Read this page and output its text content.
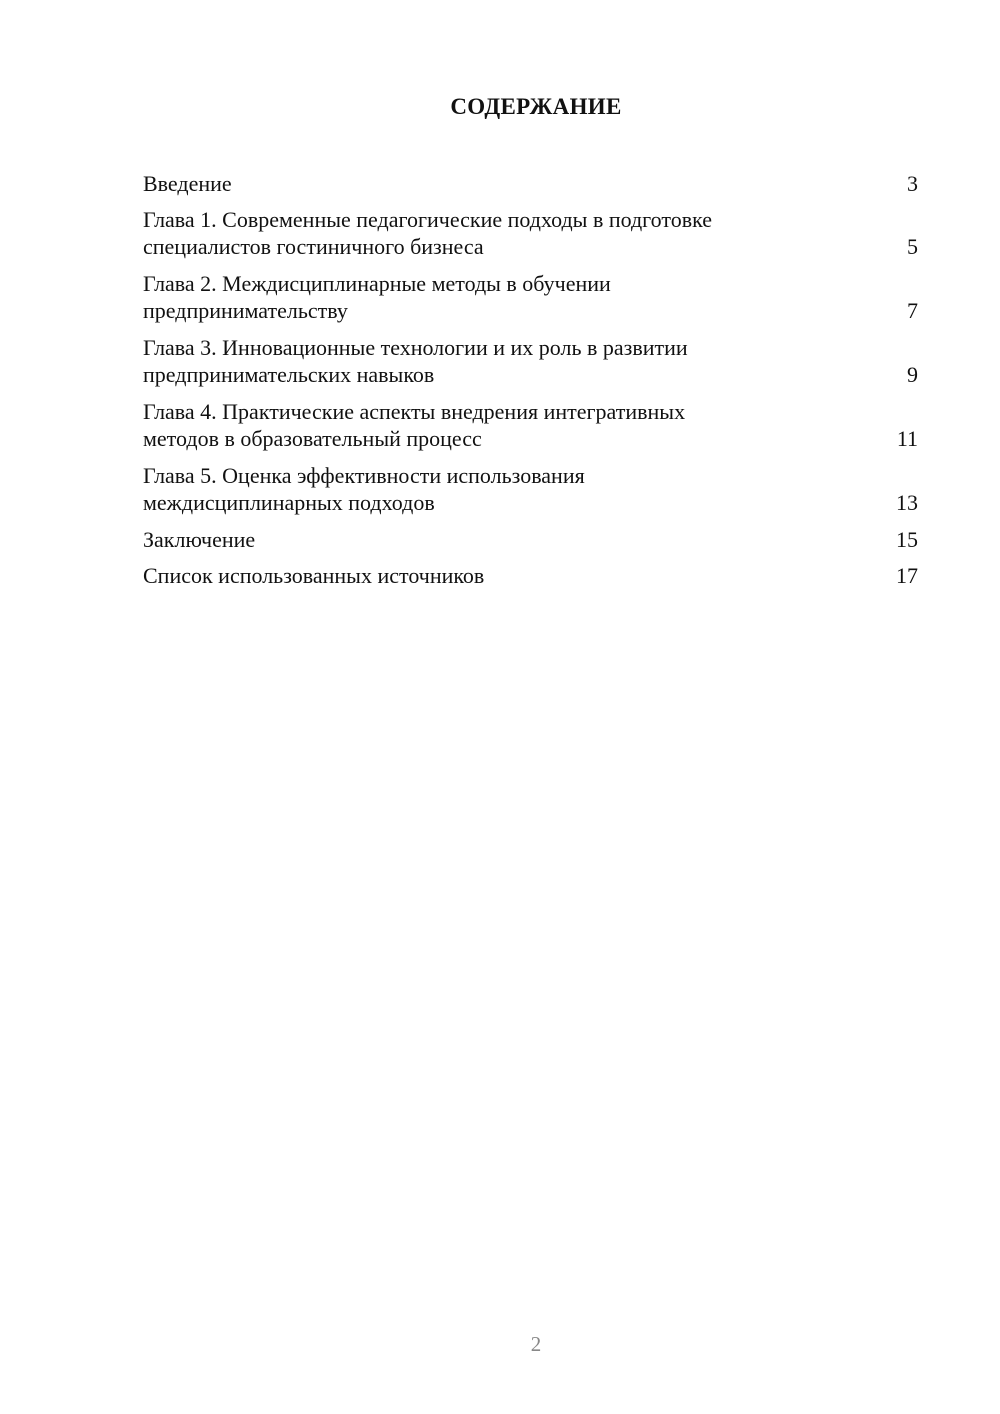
СОДЕРЖАНИЕ
Введение	3
Глава 1. Современные педагогические подходы в подготовке
специалистов гостиничного бизнеса	5
Глава 2. Междисциплинарные методы в обучении
предпринимательству	7
Глава 3. Инновационные технологии и их роль в развитии
предпринимательских навыков	9
Глава 4. Практические аспекты внедрения интегративных
методов в образовательный процесс	11
Глава 5. Оценка эффективности использования
междисциплинарных подходов	13
Заключение	15
Список использованных источников	17
2
